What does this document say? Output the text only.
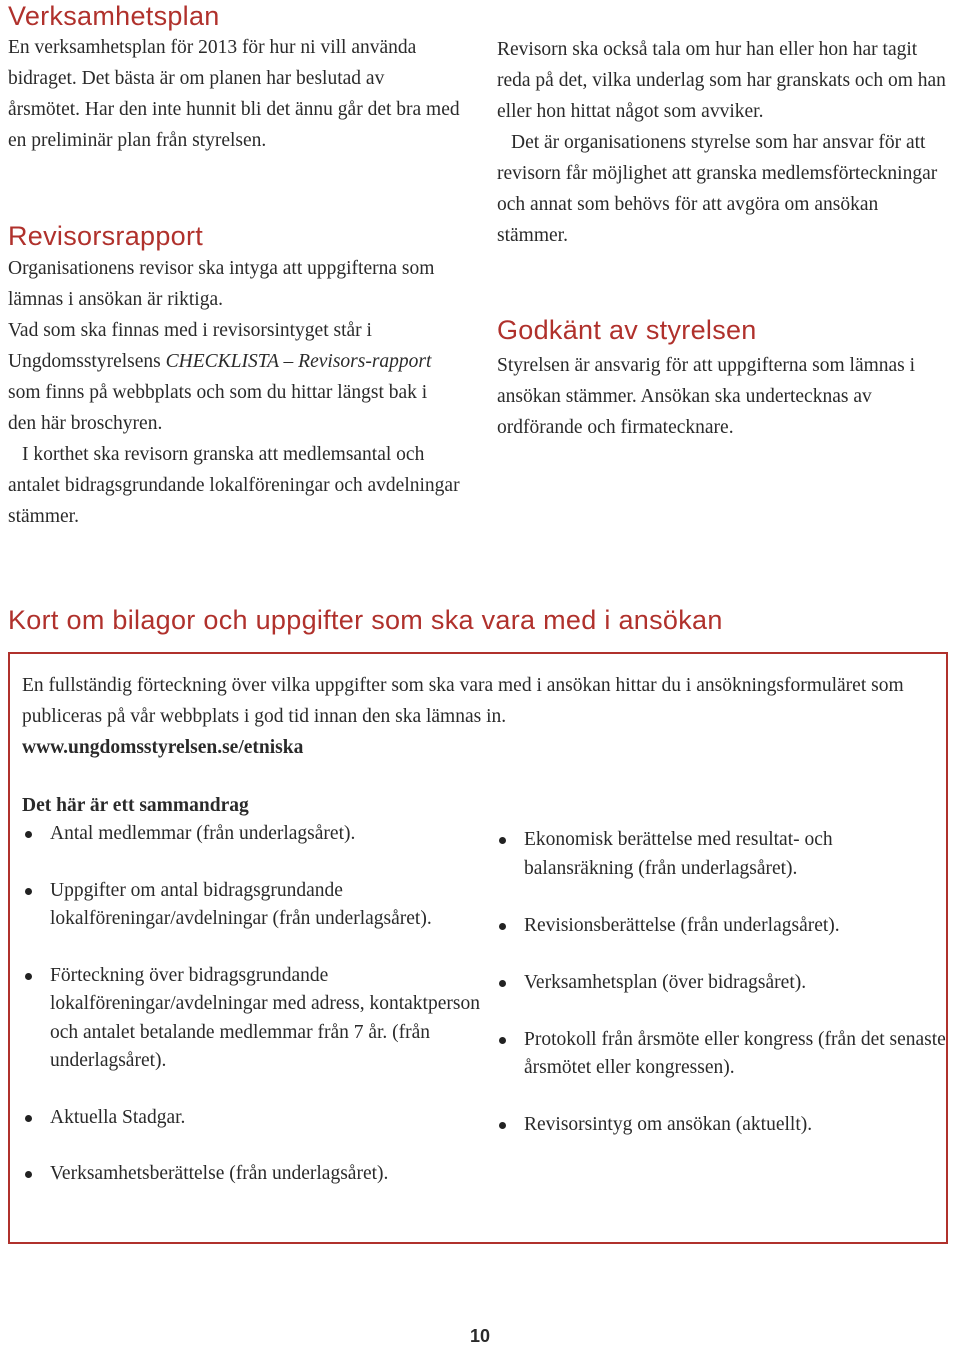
Verksamhetsplan

En verksamhetsplan för 2013 för hur ni vill använda bidraget. Det bästa är om planen har beslutad av årsmötet. Har den inte hunnit bli det ännu går det bra med en preliminär plan från styrelsen.

Revisorsrapport

Organisationens revisor ska intyga att uppgifterna som lämnas i ansökan är riktiga.

Vad som ska finnas med i revisorsintyget står i Ungdomsstyrelsens CHECKLISTA – Revisors-rapport som finns på webbplats och som du hittar längst bak i den här broschyren.

I korthet ska revisorn granska att medlemsantal och antalet bidragsgrundande lokalföreningar och avdelningar stämmer.

Revisorn ska också tala om hur han eller hon har tagit reda på det, vilka underlag som har granskats och om han eller hon hittat något som avviker.

Det är organisationens styrelse som har ansvar för att revisorn får möjlighet att granska medlemsförteckningar och annat som behövs för att avgöra om ansökan stämmer.

Godkänt av styrelsen

Styrelsen är ansvarig för att uppgifterna som lämnas i ansökan stämmer. Ansökan ska undertecknas av ordförande och firmatecknare.

Kort om bilagor och uppgifter som ska vara med i ansökan

En fullständig förteckning över vilka uppgifter som ska vara med i ansökan hittar du i ansökningsformuläret som publiceras på vår webbplats i god tid innan den ska lämnas in.
www.ungdomsstyrelsen.se/etniska

Det här är ett sammandrag

Antal medlemmar (från underlagsåret).
Uppgifter om antal bidragsgrundande lokalföreningar/avdelningar (från underlagsåret).
Förteckning över bidragsgrundande lokalföreningar/avdelningar med adress, kontaktperson och antalet betalande medlemmar från 7 år. (från underlagsåret).
Aktuella Stadgar.
Verksamhetsberättelse (från underlagsåret).
Ekonomisk berättelse med resultat- och balansräkning (från underlagsåret).
Revisionsberättelse (från underlagsåret).
Verksamhetsplan (över bidragsåret).
Protokoll från årsmöte eller kongress (från det senaste årsmötet eller kongressen).
Revisorsintyg om ansökan (aktuellt).
10
